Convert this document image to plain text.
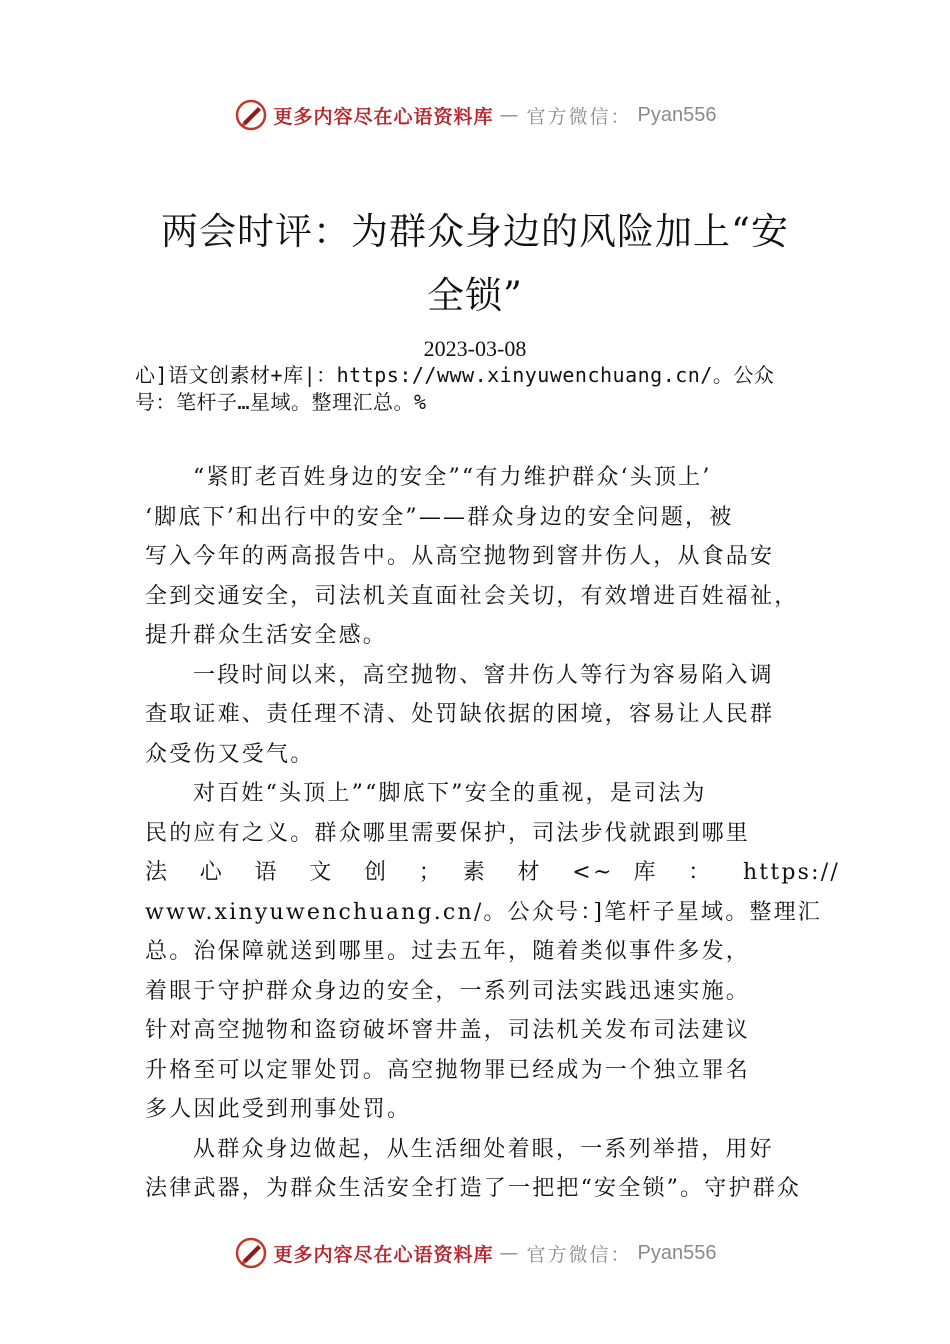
更多内容尽在心语资料库 — 官方微信： Pyan556
两会时评：为群众身边的风险加上“安全锁”
2023-03-08
心]语文创素材+库|：https://www.xinyuwenchuang.cn/。公众
号：笔杆子…星域。整理汇总。%
“紧盯老百姓身边的安全”“有力维护群众‘头顶上’
‘脚底下’和出行中的安全”——群众身边的安全问题，被
写入今年的两高报告中。从高空抛物到窨井伤人，从食品安
全到交通安全，司法机关直面社会关切，有效增进百姓福祉，
提升群众生活安全感。
一段时间以来，高空抛物、窨井伤人等行为容易陷入调
查取证难、责任理不清、处罚缺依据的困境，容易让人民群
众受伤又受气。
对百姓“头顶上”“脚底下”安全的重视，是司法为
民的应有之义。群众哪里需要保护，司法步伐就跟到哪里
法 心 语 文 创 ； 素 材 <~ 库 ： https://
www.xinyuwenchuang.cn/。公众号：]笔杆子星域。整理汇
总。治保障就送到哪里。过去五年，随着类似事件多发，
着眼于守护群众身边的安全，一系列司法实践迅速实施。
针对高空抛物和盗窃破坏窨井盖，司法机关发布司法建议
升格至可以定罪处罚。高空抛物罪已经成为一个独立罪名
多人因此受到刑事处罚。
从群众身边做起，从生活细处着眼，一系列举措，用好
法律武器，为群众生活安全打造了一把把“安全锁”。守护群众
更多内容尽在心语资料库 — 官方微信： Pyan556
